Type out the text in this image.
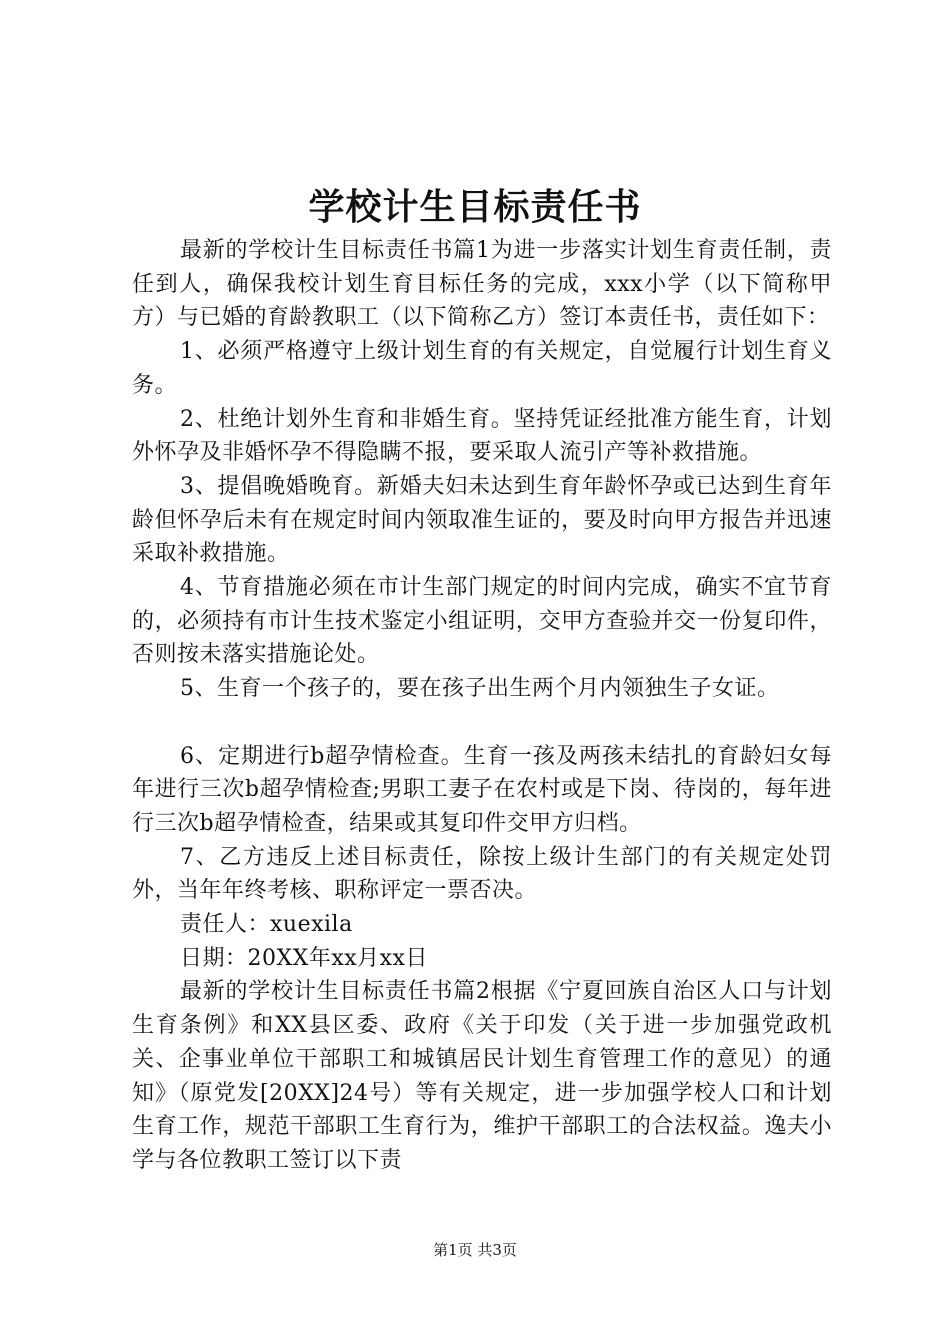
学校计生目标责任书

最新的学校计生目标责任书篇1为进一步落实计划生育责任制，责任到人，确保我校计划生育目标任务的完成，xxx小学（以下简称甲方）与已婚的育龄教职工（以下简称乙方）签订本责任书，责任如下：

1、必须严格遵守上级计划生育的有关规定，自觉履行计划生育义务。

2、杜绝计划外生育和非婚生育。坚持凭证经批准方能生育，计划外怀孕及非婚怀孕不得隐瞒不报，要采取人流引产等补救措施。

3、提倡晚婚晚育。新婚夫妇未达到生育年龄怀孕或已达到生育年龄但怀孕后未有在规定时间内领取准生证的，要及时向甲方报告并迅速采取补救措施。

4、节育措施必须在市计生部门规定的时间内完成，确实不宜节育的，必须持有市计生技术鉴定小组证明，交甲方查验并交一份复印件，否则按未落实措施论处。

5、生育一个孩子的，要在孩子出生两个月内领独生子女证。

6、定期进行b超孕情检查。生育一孩及两孩未结扎的育龄妇女每年进行三次b超孕情检查;男职工妻子在农村或是下岗、待岗的，每年进行三次b超孕情检查，结果或其复印件交甲方归档。

7、乙方违反上述目标责任，除按上级计生部门的有关规定处罚外，当年年终考核、职称评定一票否决。

责任人：xuexila

日期：20XX年xx月xx日

最新的学校计生目标责任书篇2根据《宁夏回族自治区人口与计划生育条例》和XX县区委、政府《关于印发（关于进一步加强党政机关、企事业单位干部职工和城镇居民计划生育管理工作的意见）的通知》（原党发[20XX]24号）等有关规定，进一步加强学校人口和计划生育工作，规范干部职工生育行为，维护干部职工的合法权益。逸夫小学与各位教职工签订以下责

第1页 共3页
